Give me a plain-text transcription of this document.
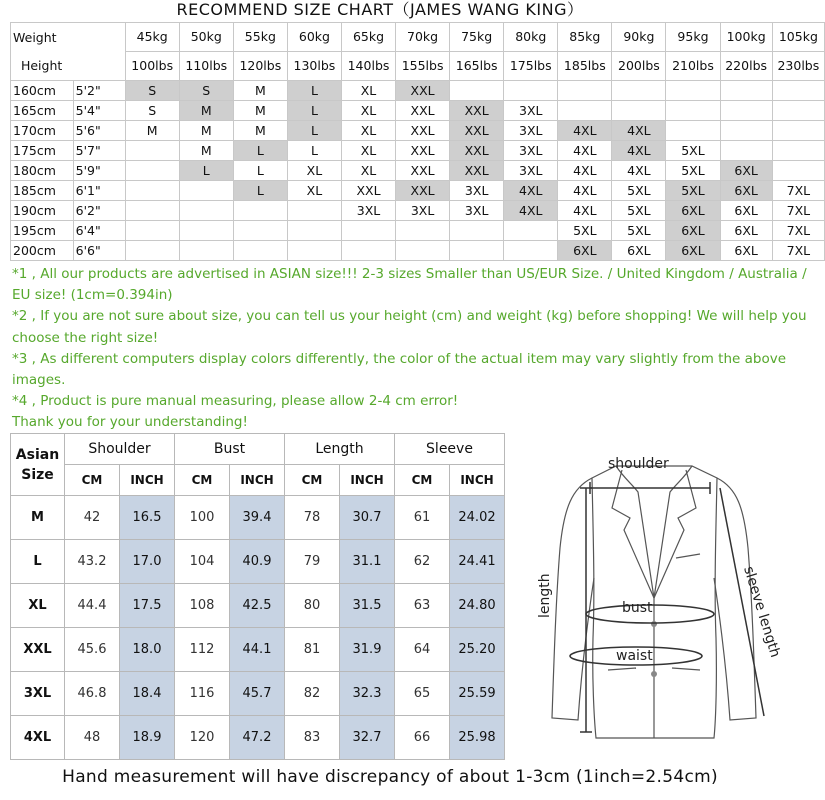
RECOMMEND SIZE CHART（JAMES WANG KING）
Weight
Height		45kg	50kg	55kg	60kg	65kg	70kg	75kg	80kg	85kg	90kg	95kg	100kg	105kg
		100lbs	110lbs	120lbs	130lbs	140lbs	155lbs	165lbs	175lbs	185lbs	200lbs	210lbs	220lbs	230lbs
160cm	5'2"	S	S	M	L	XL	XXL							
165cm	5'4"	S	M	M	L	XL	XXL	XXL	3XL					
170cm	5'6"	M	M	M	L	XL	XXL	XXL	3XL	4XL	4XL			
175cm	5'7"		M	L	L	XL	XXL	XXL	3XL	4XL	4XL	5XL		
180cm	5'9"		L	L	XL	XL	XXL	XXL	3XL	4XL	4XL	5XL	6XL	
185cm	6'1"			L	XL	XXL	XXL	3XL	4XL	4XL	5XL	5XL	6XL	7XL
190cm	6'2"					3XL	3XL	3XL	4XL	4XL	5XL	6XL	6XL	7XL
195cm	6'4"									5XL	5XL	6XL	6XL	7XL
200cm	6'6"									6XL	6XL	6XL	6XL	7XL

*1 , All our products are advertised in ASIAN size!!! 2-3 sizes Smaller than US/EUR Size. / United Kingdom / Australia / EU size! (1cm=0.394in)

*2 , If you are not sure about size, you can tell us your height (cm) and weight (kg) before shopping! We will help you choose the right size!

*3 , As different computers display colors differently, the color of the actual item may vary slightly from the above images.

*4 , Product is pure manual measuring, please allow 2-4 cm error!

Thank you for your understanding!

Asian
Size	Shoulder		Bust		Length		Sleeve	
	CM	INCH	CM	INCH	CM	INCH	CM	INCH
M	42	16.5	100	39.4	78	30.7	61	24.02
L	43.2	17.0	104	40.9	79	31.1	62	24.41
XL	44.4	17.5	108	42.5	80	31.5	63	24.80
XXL	45.6	18.0	112	44.1	81	31.9	64	25.20
3XL	46.8	18.4	116	45.7	82	32.3	65	25.59
4XL	48	18.9	120	47.2	83	32.7	66	25.98
shoulder
length	bust
waist	sleeve length
Hand measurement will have discrepancy of about 1-3cm (1inch=2.54cm)
